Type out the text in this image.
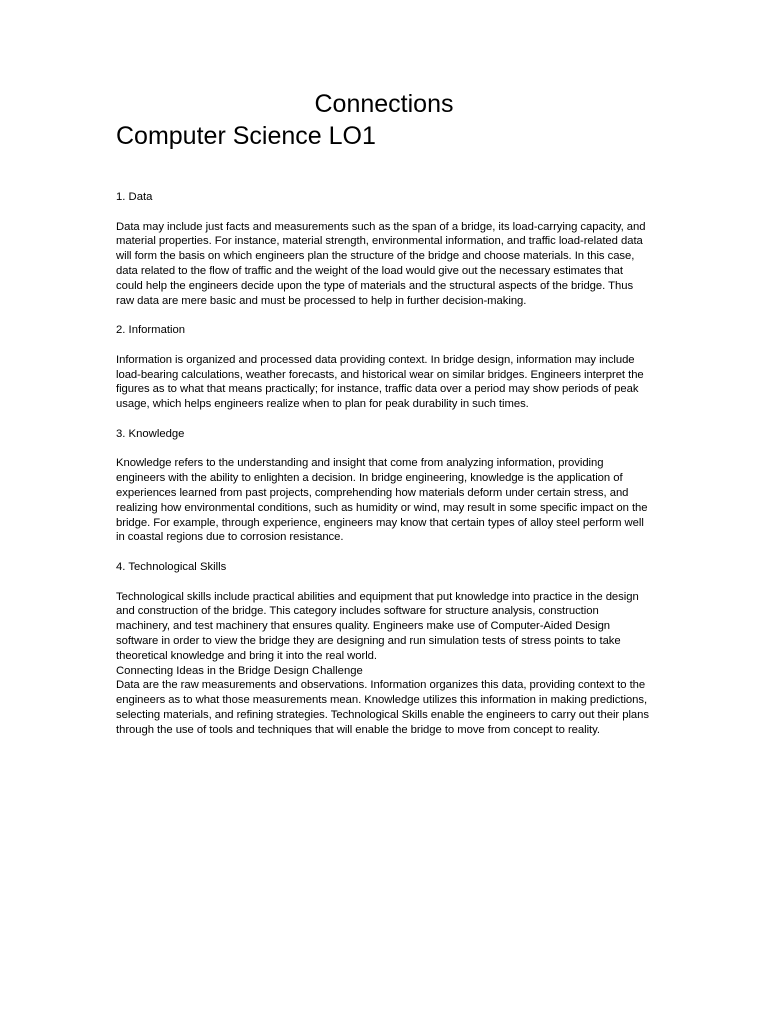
Connections
Computer Science LO1

1. Data

Data may include just facts and measurements such as the span of a bridge, its load-carrying capacity, and material properties. For instance, material strength, environmental information, and traffic load-related data will form the basis on which engineers plan the structure of the bridge and choose materials. In this case, data related to the flow of traffic and the weight of the load would give out the necessary estimates that could help the engineers decide upon the type of materials and the structural aspects of the bridge. Thus raw data are mere basic and must be processed to help in further decision-making.

2. Information

Information is organized and processed data providing context. In bridge design, information may include load-bearing calculations, weather forecasts, and historical wear on similar bridges. Engineers interpret the figures as to what that means practically; for instance, traffic data over a period may show periods of peak usage, which helps engineers realize when to plan for peak durability in such times.

3. Knowledge

Knowledge refers to the understanding and insight that come from analyzing information, providing engineers with the ability to enlighten a decision. In bridge engineering, knowledge is the application of experiences learned from past projects, comprehending how materials deform under certain stress, and realizing how environmental conditions, such as humidity or wind, may result in some specific impact on the bridge. For example, through experience, engineers may know that certain types of alloy steel perform well in coastal regions due to corrosion resistance.

4. Technological Skills

Technological skills include practical abilities and equipment that put knowledge into practice in the design and construction of the bridge. This category includes software for structure analysis, construction machinery, and test machinery that ensures quality. Engineers make use of Computer-Aided Design software in order to view the bridge they are designing and run simulation tests of stress points to take theoretical knowledge and bring it into the real world.

Connecting Ideas in the Bridge Design Challenge

Data are the raw measurements and observations. Information organizes this data, providing context to the engineers as to what those measurements mean. Knowledge utilizes this information in making predictions, selecting materials, and refining strategies. Technological Skills enable the engineers to carry out their plans through the use of tools and techniques that will enable the bridge to move from concept to reality.
